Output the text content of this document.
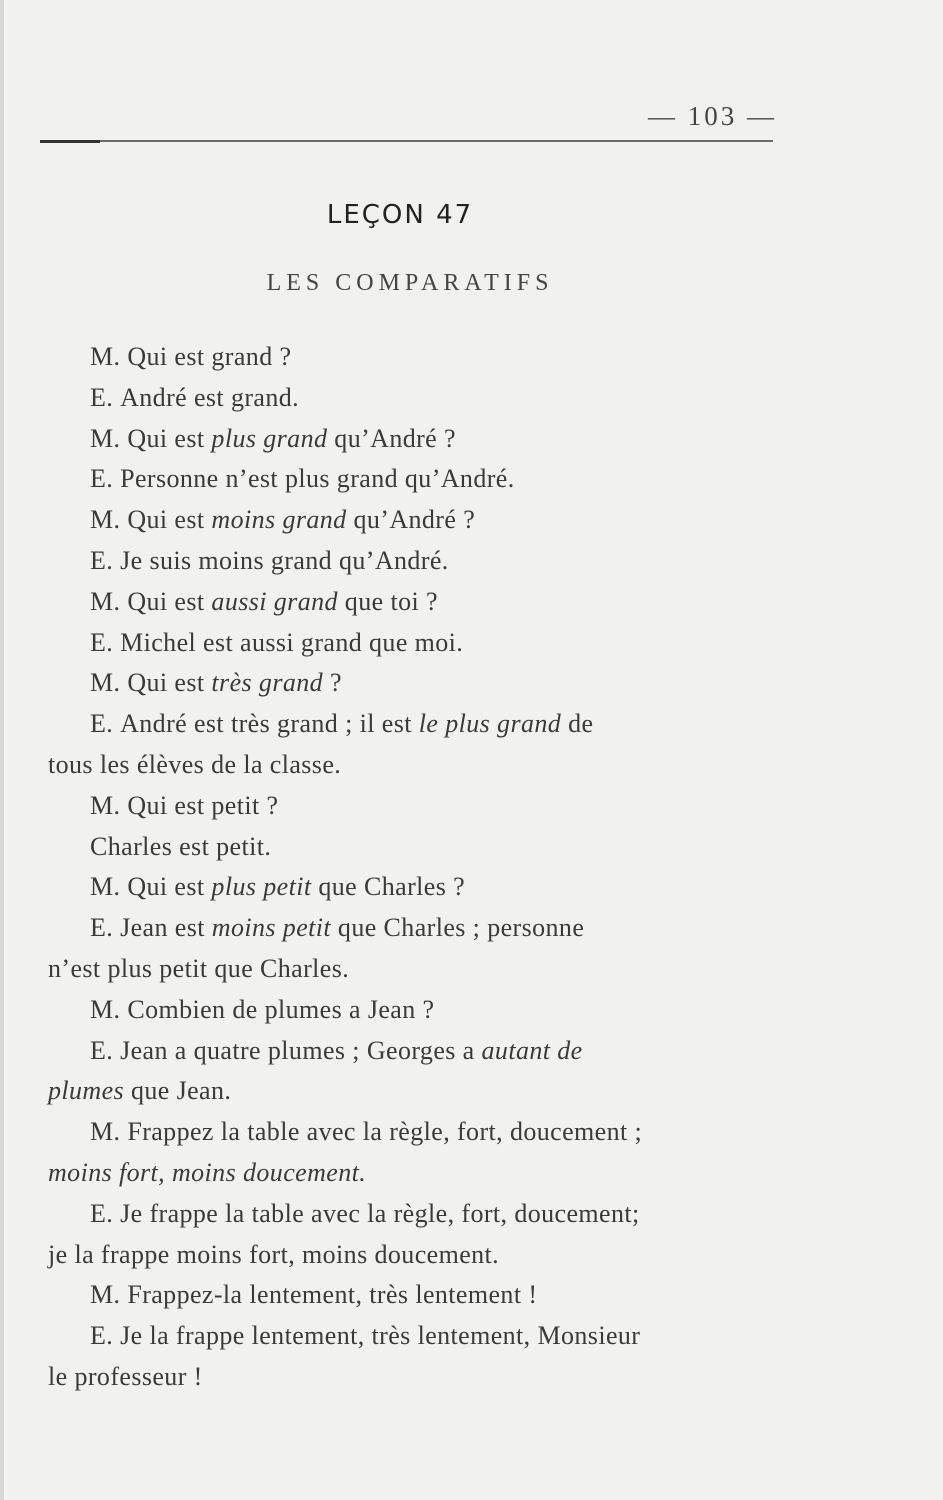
— 103 —
LEÇON 47
LES COMPARATIFS
M. Qui est grand ?
E. André est grand.
M. Qui est plus grand qu’André ?
E. Personne n’est plus grand qu’André.
M. Qui est moins grand qu’André ?
E. Je suis moins grand qu’André.
M. Qui est aussi grand que toi ?
E. Michel est aussi grand que moi.
M. Qui est très grand ?
E. André est très grand ; il est le plus grand de
tous les élèves de la classe.
M. Qui est petit ?
Charles est petit.
M. Qui est plus petit que Charles ?
E. Jean est moins petit que Charles ; personne
n’est plus petit que Charles.
M. Combien de plumes a Jean ?
E. Jean a quatre plumes ; Georges a autant de
plumes que Jean.
M. Frappez la table avec la règle, fort, doucement ;
moins fort, moins doucement.
E. Je frappe la table avec la règle, fort, doucement;
je la frappe moins fort, moins doucement.
M. Frappez-la lentement, très lentement !
E. Je la frappe lentement, très lentement, Monsieur
le professeur !
